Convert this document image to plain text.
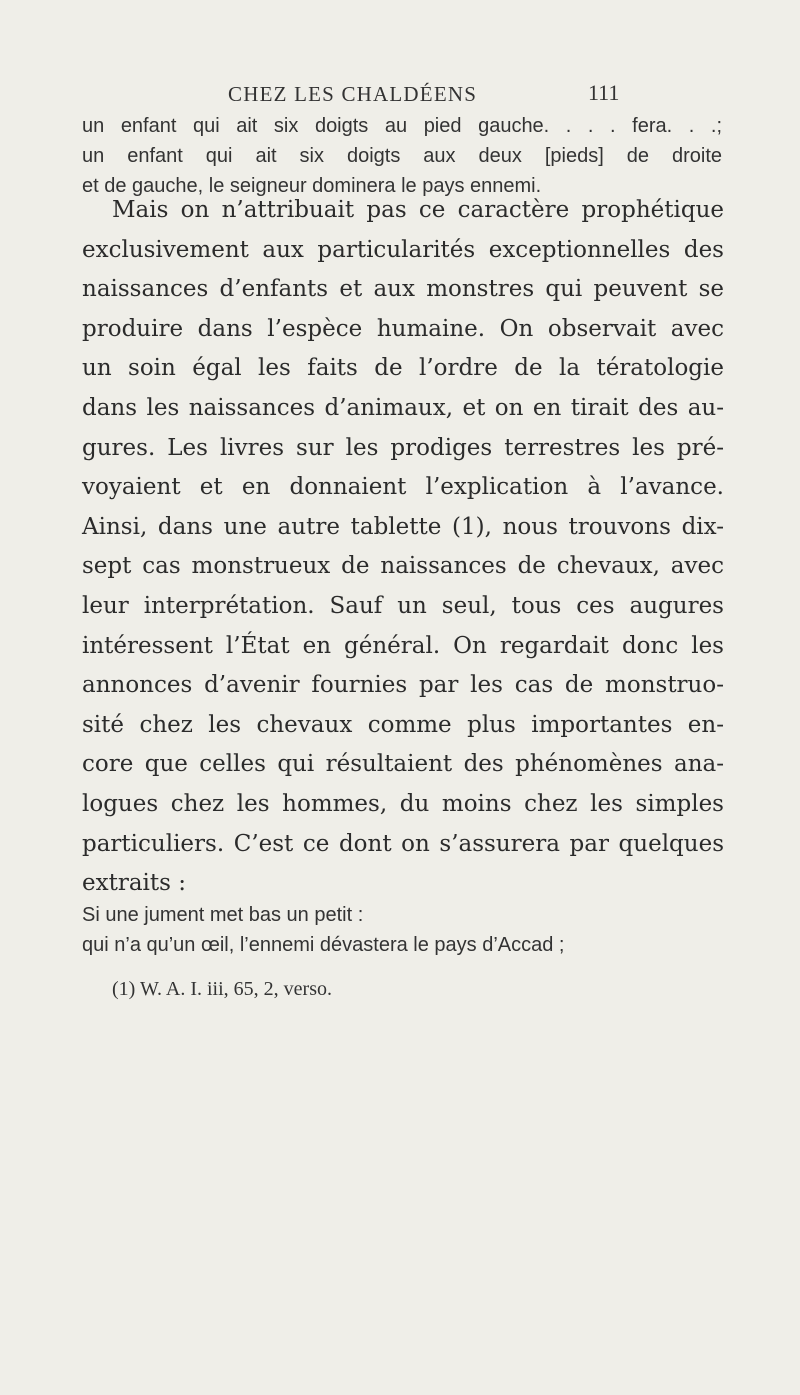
CHEZ LES CHALDÉENS	111
un enfant qui ait six doigts au pied gauche. . . . fera. . .;
un enfant qui ait six doigts aux deux [pieds] de droite
et de gauche, le seigneur dominera le pays ennemi.
Mais on n’attribuait pas ce caractère prophétique
exclusivement aux particularités exceptionnelles des
naissances d’enfants et aux monstres qui peuvent se
produire dans l’espèce humaine. On observait avec
un soin égal les faits de l’ordre de la tératologie
dans les naissances d’animaux, et on en tirait des au-
gures. Les livres sur les prodiges terrestres les pré-
voyaient et en donnaient l’explication à l’avance.
Ainsi, dans une autre tablette (1), nous trouvons dix-
sept cas monstrueux de naissances de chevaux, avec
leur interprétation. Sauf un seul, tous ces augures
intéressent l’État en général. On regardait donc les
annonces d’avenir fournies par les cas de monstruo-
sité chez les chevaux comme plus importantes en-
core que celles qui résultaient des phénomènes ana-
logues chez les hommes, du moins chez les simples
particuliers. C’est ce dont on s’assurera par quelques
extraits :
Si une jument met bas un petit :
qui n’a qu’un œil, l’ennemi dévastera le pays d’Accad ;
(1) W. A. I. iii, 65, 2, verso.
